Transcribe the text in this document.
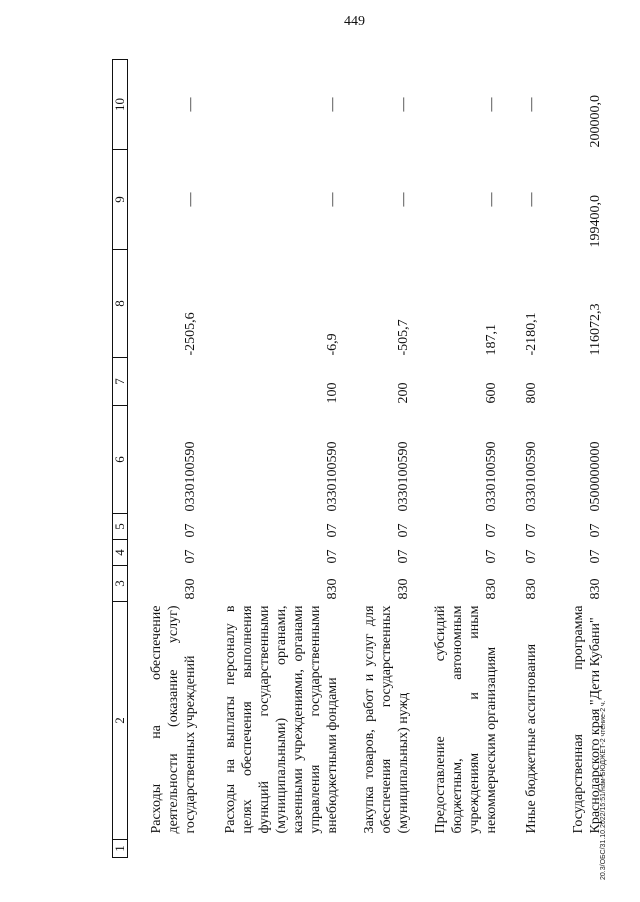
449
1	2	3	4	5	6	7	8	9	10
	Расходы на обеспечение деятельности (оказание услуг) государственных учреждений	830	07	07	0330100590		-2505,6	—	—
	Расходы на выплаты персоналу в целях обеспечения выполнения функций государственными (муниципальными) органами, казенными учреждениями, органами управления государственными внебюджетными фондами	830	07	07	0330100590	100	-6,9	—	—
	Закупка товаров, работ и услуг для обеспечения государственных (муниципальных) нужд	830	07	07	0330100590	200	-505,7	—	—
	Предоставление субсидий бюджетным, автономным учреждениям и иным некоммерческим организациям	830	07	07	0330100590	600	187,1	—	—
	Иные бюджетные ассигнования	830	07	07	0330100590	800	-2180,1	—	—
	Государственная программа Краснодарского края "Дети Кубани"	830	07	07	0500000000		116072,3	199400,0	200000,0
20.3/ОБС/31.10.2022/15:51/нам-БЮДЖЕТ-2 чтение-2 ч.
